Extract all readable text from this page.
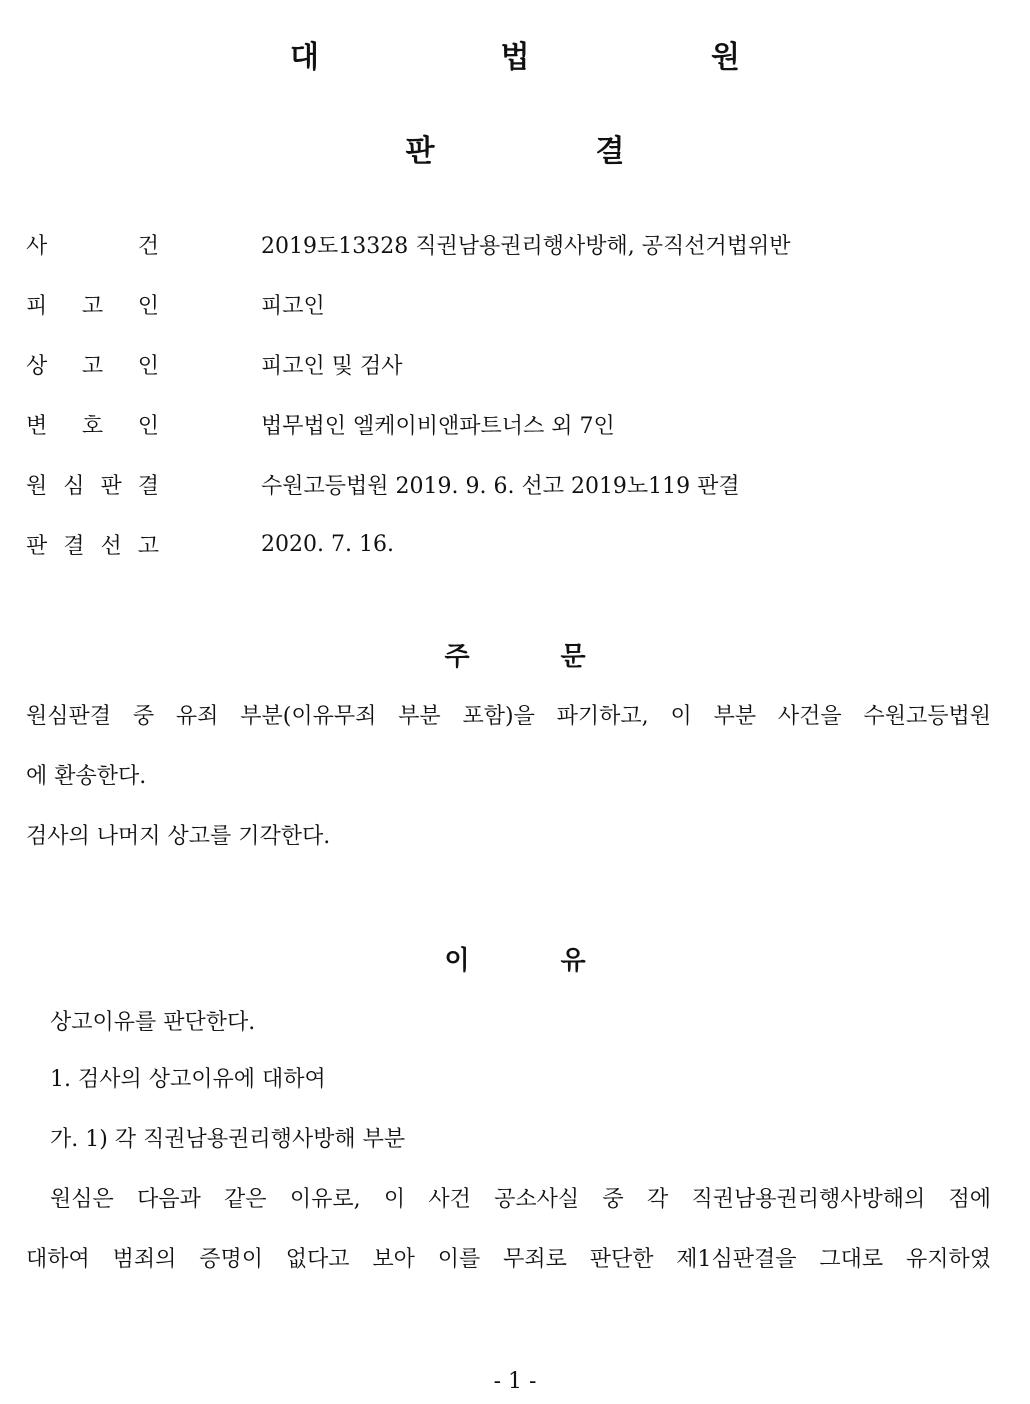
대	법	원
판	결
사	건	2019도13328 직권남용권리행사방해, 공직선거법위반
피 고 인	피고인
상 고 인	피고인 및 검사
변 호 인	법무법인 엘케이비앤파트너스 외 7인
원 심 판 결	수원고등법원 2019. 9. 6. 선고 2019노119 판결
판 결 선 고	2020. 7. 16.
주	문
원심판결 중 유죄 부분(이유무죄 부분 포함)을 파기하고, 이 부분 사건을 수원고등법원
에 환송한다.
검사의 나머지 상고를 기각한다.
이	유
상고이유를 판단한다.
1. 검사의 상고이유에 대하여
가. 1) 각 직권남용권리행사방해 부분
원심은 다음과 같은 이유로, 이 사건 공소사실 중 각 직권남용권리행사방해의 점에
대하여 범죄의 증명이 없다고 보아 이를 무죄로 판단한 제1심판결을 그대로 유지하였
- 1 -
